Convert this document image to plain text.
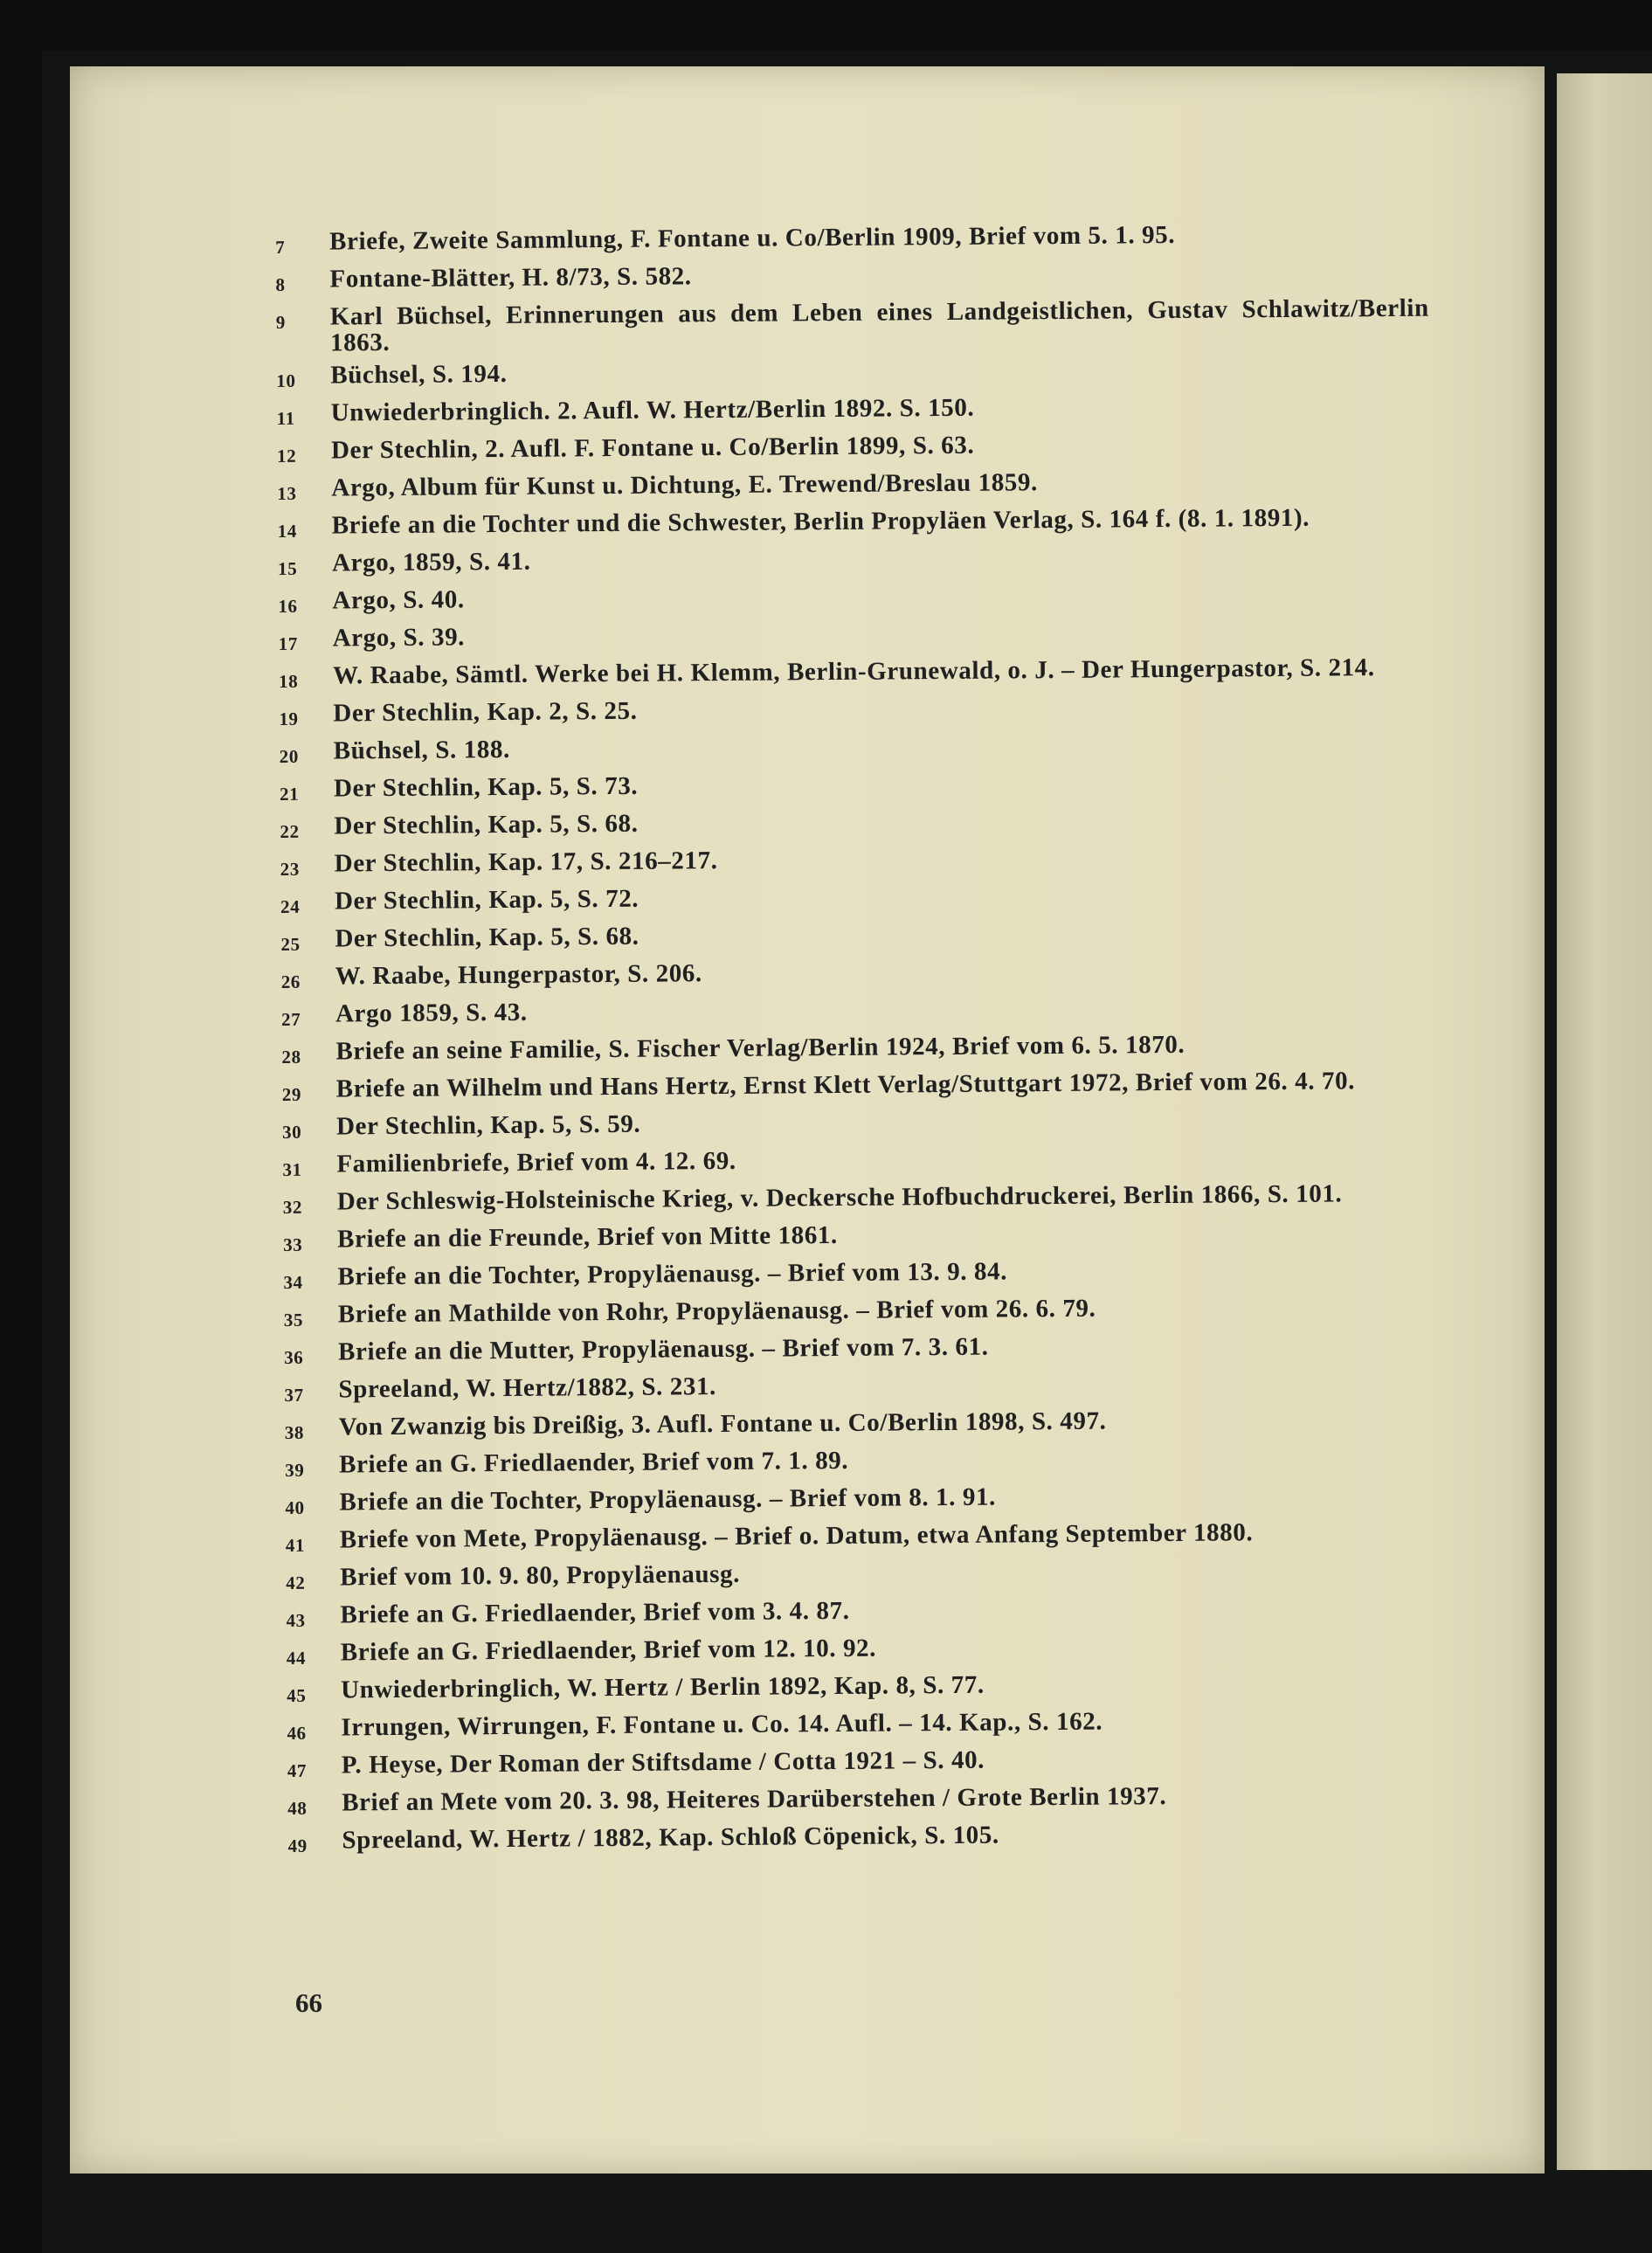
7	Briefe, Zweite Sammlung, F. Fontane u. Co/Berlin 1909, Brief vom 5. 1. 95.
8	Fontane-Blätter, H. 8/73, S. 582.
9	Karl Büchsel, Erinnerungen aus dem Leben eines Landgeistlichen, Gustav Schlawitz/Berlin 1863.
10	Büchsel, S. 194.
11	Unwiederbringlich. 2. Aufl. W. Hertz/Berlin 1892. S. 150.
12	Der Stechlin, 2. Aufl. F. Fontane u. Co/Berlin 1899, S. 63.
13	Argo, Album für Kunst u. Dichtung, E. Trewend/Breslau 1859.
14	Briefe an die Tochter und die Schwester, Berlin Propyläen Verlag, S. 164 f. (8. 1. 1891).
15	Argo, 1859, S. 41.
16	Argo, S. 40.
17	Argo, S. 39.
18	W. Raabe, Sämtl. Werke bei H. Klemm, Berlin-Grunewald, o. J. – Der Hungerpastor, S. 214.
19	Der Stechlin, Kap. 2, S. 25.
20	Büchsel, S. 188.
21	Der Stechlin, Kap. 5, S. 73.
22	Der Stechlin, Kap. 5, S. 68.
23	Der Stechlin, Kap. 17, S. 216–217.
24	Der Stechlin, Kap. 5, S. 72.
25	Der Stechlin, Kap. 5, S. 68.
26	W. Raabe, Hungerpastor, S. 206.
27	Argo 1859, S. 43.
28	Briefe an seine Familie, S. Fischer Verlag/Berlin 1924, Brief vom 6. 5. 1870.
29	Briefe an Wilhelm und Hans Hertz, Ernst Klett Verlag/Stuttgart 1972, Brief vom 26. 4. 70.
30	Der Stechlin, Kap. 5, S. 59.
31	Familienbriefe, Brief vom 4. 12. 69.
32	Der Schleswig-Holsteinische Krieg, v. Deckersche Hofbuchdruckerei, Berlin 1866, S. 101.
33	Briefe an die Freunde, Brief von Mitte 1861.
34	Briefe an die Tochter, Propyläenausg. – Brief vom 13. 9. 84.
35	Briefe an Mathilde von Rohr, Propyläenausg. – Brief vom 26. 6. 79.
36	Briefe an die Mutter, Propyläenausg. – Brief vom 7. 3. 61.
37	Spreeland, W. Hertz/1882, S. 231.
38	Von Zwanzig bis Dreißig, 3. Aufl. Fontane u. Co/Berlin 1898, S. 497.
39	Briefe an G. Friedlaender, Brief vom 7. 1. 89.
40	Briefe an die Tochter, Propyläenausg. – Brief vom 8. 1. 91.
41	Briefe von Mete, Propyläenausg. – Brief o. Datum, etwa Anfang September 1880.
42	Brief vom 10. 9. 80, Propyläenausg.
43	Briefe an G. Friedlaender, Brief vom 3. 4. 87.
44	Briefe an G. Friedlaender, Brief vom 12. 10. 92.
45	Unwiederbringlich, W. Hertz / Berlin 1892, Kap. 8, S. 77.
46	Irrungen, Wirrungen, F. Fontane u. Co. 14. Aufl. – 14. Kap., S. 162.
47	P. Heyse, Der Roman der Stiftsdame / Cotta 1921 – S. 40.
48	Brief an Mete vom 20. 3. 98, Heiteres Darüberstehen / Grote Berlin 1937.
49	Spreeland, W. Hertz / 1882, Kap. Schloß Cöpenick, S. 105.
66
